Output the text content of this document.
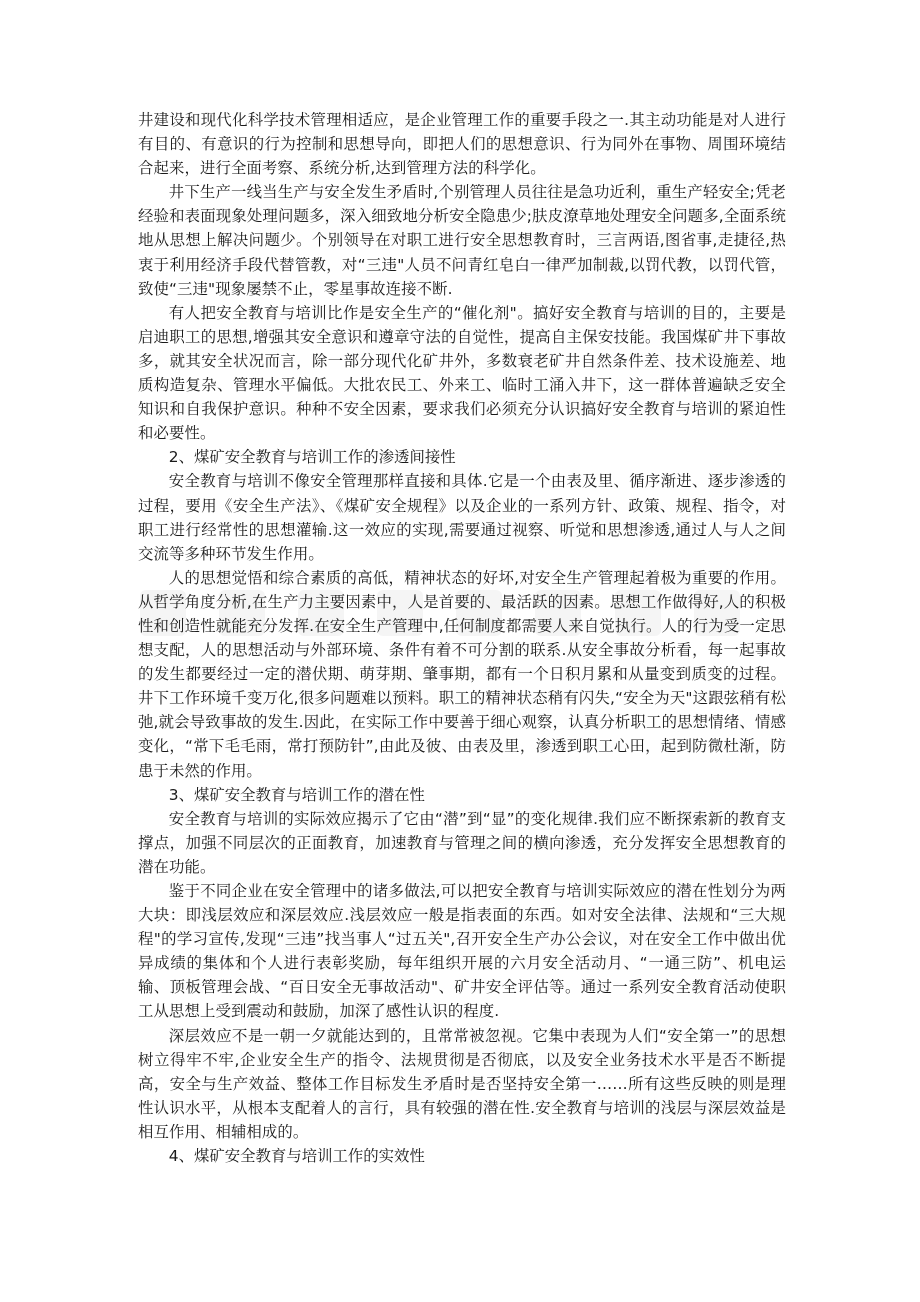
井建设和现代化科学技术管理相适应，是企业管理工作的重要手段之一.其主动功能是对人进行有目的、有意识的行为控制和思想导向，即把人们的思想意识、行为同外在事物、周围环境结合起来，进行全面考察、系统分析,达到管理方法的科学化。

井下生产一线当生产与安全发生矛盾时,个别管理人员往往是急功近利，重生产轻安全;凭老经验和表面现象处理问题多，深入细致地分析安全隐患少;肤皮潦草地处理安全问题多,全面系统地从思想上解决问题少。个别领导在对职工进行安全思想教育时，三言两语,图省事,走捷径,热衷于利用经济手段代替管教，对“三违"人员不问青红皂白一律严加制裁,以罚代教，以罚代管，致使“三违"现象屡禁不止，零星事故连接不断.

有人把安全教育与培训比作是安全生产的“催化剂"。搞好安全教育与培训的目的，主要是启迪职工的思想,增强其安全意识和遵章守法的自觉性，提高自主保安技能。我国煤矿井下事故多，就其安全状况而言，除一部分现代化矿井外，多数衰老矿井自然条件差、技术设施差、地质构造复杂、管理水平偏低。大批农民工、外来工、临时工涌入井下，这一群体普遍缺乏安全知识和自我保护意识。种种不安全因素，要求我们必须充分认识搞好安全教育与培训的紧迫性和必要性。

2、煤矿安全教育与培训工作的渗透间接性

安全教育与培训不像安全管理那样直接和具体.它是一个由表及里、循序渐进、逐步渗透的过程，要用《安全生产法》、《煤矿安全规程》以及企业的一系列方针、政策、规程、指令，对职工进行经常性的思想灌输.这一效应的实现,需要通过视察、听觉和思想渗透,通过人与人之间交流等多种环节发生作用。

人的思想觉悟和综合素质的高低，精神状态的好坏,对安全生产管理起着极为重要的作用。从哲学角度分析,在生产力主要因素中，人是首要的、最活跃的因素。思想工作做得好,人的积极性和创造性就能充分发挥.在安全生产管理中,任何制度都需要人来自觉执行。人的行为受一定思想支配，人的思想活动与外部环境、条件有着不可分割的联系.从安全事故分析看，每一起事故的发生都要经过一定的潜伏期、萌芽期、肇事期，都有一个日积月累和从量变到质变的过程。井下工作环境千变万化,很多问题难以预料。职工的精神状态稍有闪失,“安全为天"这跟弦稍有松弛,就会导致事故的发生.因此，在实际工作中要善于细心观察，认真分析职工的思想情绪、情感变化，“常下毛毛雨，常打预防针”,由此及彼、由表及里，渗透到职工心田，起到防微杜渐，防患于未然的作用。

3、煤矿安全教育与培训工作的潜在性

安全教育与培训的实际效应揭示了它由“潜”到“显”的变化规律.我们应不断探索新的教育支撑点，加强不同层次的正面教育，加速教育与管理之间的横向渗透，充分发挥安全思想教育的潜在功能。

鉴于不同企业在安全管理中的诸多做法,可以把安全教育与培训实际效应的潜在性划分为两大块：即浅层效应和深层效应.浅层效应一般是指表面的东西。如对安全法律、法规和“三大规程"的学习宣传,发现“三违”找当事人“过五关",召开安全生产办公会议，对在安全工作中做出优异成绩的集体和个人进行表彰奖励，每年组织开展的六月安全活动月、“一通三防”、机电运输、顶板管理会战、“百日安全无事故活动"、矿井安全评估等。通过一系列安全教育活动使职工从思想上受到震动和鼓励，加深了感性认识的程度.

深层效应不是一朝一夕就能达到的，且常常被忽视。它集中表现为人们“安全第一”的思想树立得牢不牢,企业安全生产的指令、法规贯彻是否彻底，以及安全业务技术水平是否不断提高，安全与生产效益、整体工作目标发生矛盾时是否坚持安全第一……所有这些反映的则是理性认识水平，从根本支配着人的言行，具有较强的潜在性.安全教育与培训的浅层与深层效益是相互作用、相辅相成的。

4、煤矿安全教育与培训工作的实效性
